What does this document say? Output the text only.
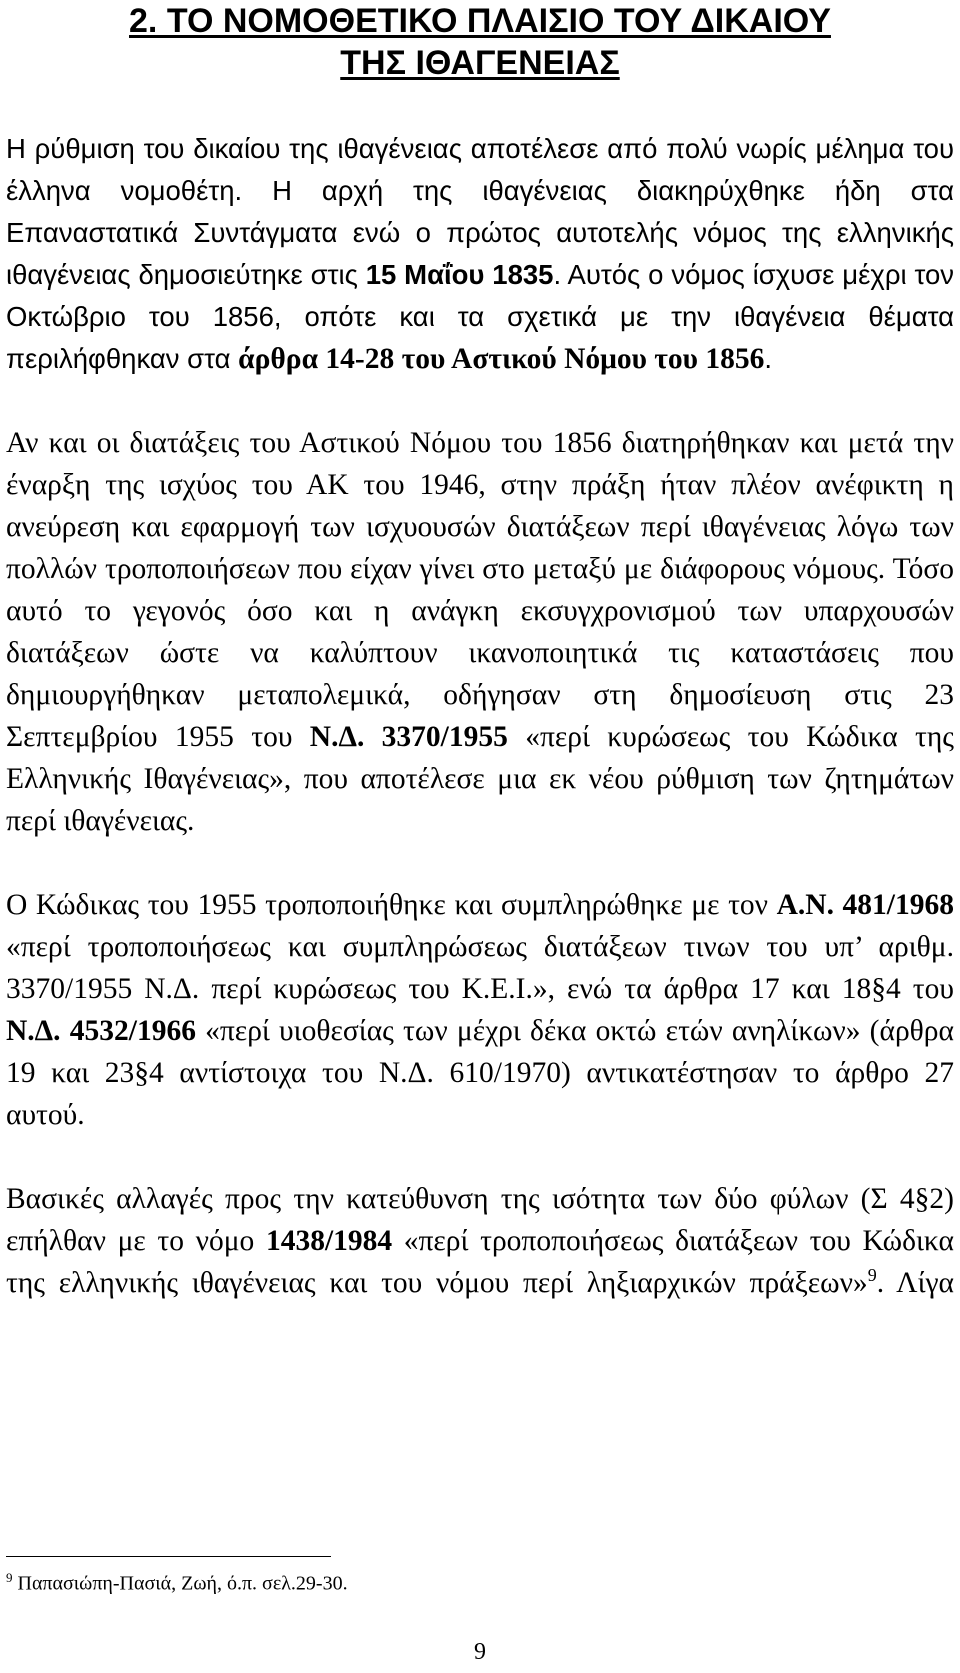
2. ΤΟ ΝΟΜΟΘΕΤΙΚΟ ΠΛΑΙΣΙΟ ΤΟΥ ΔΙΚΑΙΟΥ
ΤΗΣ ΙΘΑΓΕΝΕΙΑΣ

Η ρύθμιση του δικαίου της ιθαγένειας αποτέλεσε από πολύ νωρίς μέλημα του έλληνα νομοθέτη. Η αρχή της ιθαγένειας διακηρύχθηκε ήδη στα Επαναστατικά Συντάγματα ενώ ο πρώτος αυτοτελής νόμος της ελληνικής ιθαγένειας δημοσιεύτηκε στις 15 Μαΐου 1835. Αυτός ο νόμος ίσχυσε μέχρι τον Οκτώβριο του 1856, οπότε και τα σχετικά με την ιθαγένεια θέματα περιλήφθηκαν στα άρθρα 14-28 του Αστικού Νόμου του 1856.

Αν και οι διατάξεις του Αστικού Νόμου του 1856 διατηρήθηκαν και μετά την έναρξη της ισχύος του ΑΚ του 1946, στην πράξη ήταν πλέον ανέφικτη η ανεύρεση και εφαρμογή των ισχυουσών διατάξεων περί ιθαγένειας λόγω των πολλών τροποποιήσεων που είχαν γίνει στο μεταξύ με διάφορους νόμους. Τόσο αυτό το γεγονός όσο και η ανάγκη εκσυγχρονισμού των υπαρχουσών διατάξεων ώστε να καλύπτουν ικανοποιητικά τις καταστάσεις που δημιουργήθηκαν μεταπολεμικά, οδήγησαν στη δημοσίευση στις 23 Σεπτεμβρίου 1955 του Ν.Δ. 3370/1955 «περί κυρώσεως του Κώδικα της Ελληνικής Ιθαγένειας», που αποτέλεσε μια εκ νέου ρύθμιση των ζητημάτων περί ιθαγένειας.

Ο Κώδικας του 1955 τροποποιήθηκε και συμπληρώθηκε με τον Α.Ν. 481/1968 «περί τροποποιήσεως και συμπληρώσεως διατάξεων τινων του υπ’ αριθμ. 3370/1955 Ν.Δ. περί κυρώσεως του Κ.Ε.Ι.», ενώ τα άρθρα 17 και 18§4 του Ν.Δ. 4532/1966 «περί υιοθεσίας των μέχρι δέκα οκτώ ετών ανηλίκων» (άρθρα 19 και 23§4 αντίστοιχα του Ν.Δ. 610/1970) αντικατέστησαν το άρθρο 27 αυτού.

Βασικές αλλαγές προς την κατεύθυνση της ισότητα των δύο φύλων (Σ 4§2) επήλθαν με το νόμο 1438/1984 «περί τροποποιήσεως διατάξεων του Κώδικα της ελληνικής ιθαγένειας και του νόμου περί ληξιαρχικών πράξεων»$^9$. Λίγα

$^9$ Παπασιώπη-Πασιά, Ζωή, ό.π. σελ.29-30.
9
